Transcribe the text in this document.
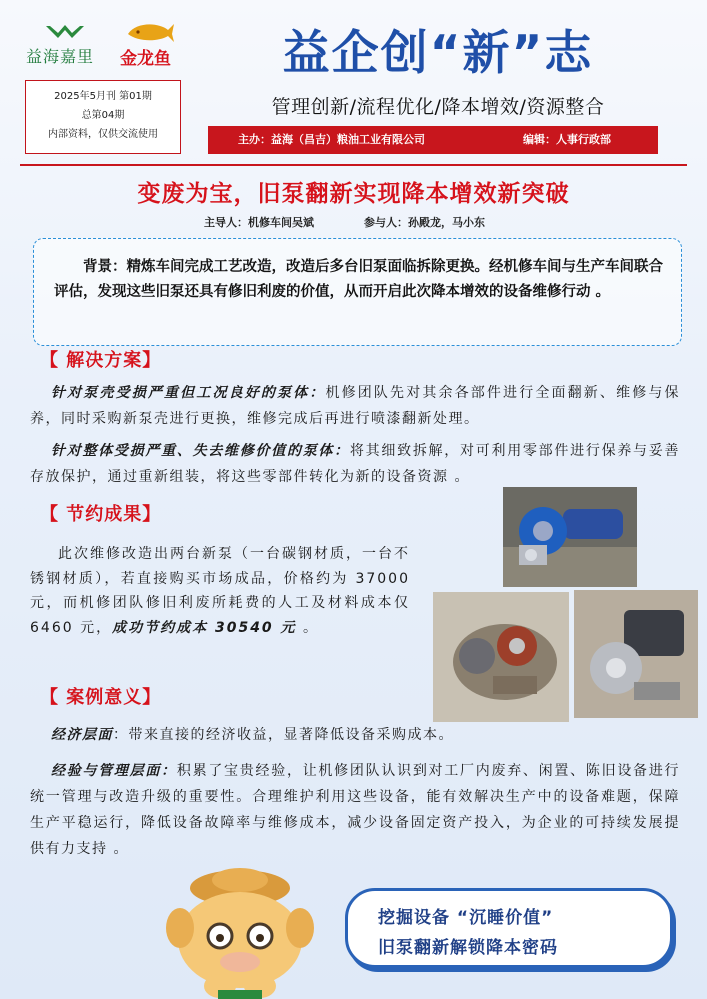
益海嘉里 金龙鱼
2025年5月刊 第01期
总第04期
内部资料，仅供交流使用
益企创“新”志
管理创新/流程优化/降本增效/资源整合
主办：益海（昌吉）粮油工业有限公司	编辑：人事行政部
变废为宝，旧泵翻新实现降本增效新突破
主导人：机修车间吴斌	参与人：孙殿龙，马小东

背景：精炼车间完成工艺改造，改造后多台旧泵面临拆除更换。经机修车间与生产车间联合评估，发现这些旧泵还具有修旧利废的价值，从而开启此次降本增效的设备维修行动 。

【 解决方案】
针对泵壳受损严重但工况良好的泵体：机修团队先对其余各部件进行全面翻新、维修与保养，同时采购新泵壳进行更换，维修完成后再进行喷漆翻新处理。
针对整体受损严重、失去维修价值的泵体：将其细致拆解，对可利用零部件进行保养与妥善存放保护，通过重新组装，将这些零部件转化为新的设备资源 。
【 节约成果】
此次维修改造出两台新泵（一台碳钢材质，一台不锈钢材质），若直接购买市场成品，价格约为 37000 元，而机修团队修旧利废所耗费的人工及材料成本仅 6460 元，成功节约成本 30540 元 。
【 案例意义】
经济层面：带来直接的经济收益，显著降低设备采购成本。
经验与管理层面：积累了宝贵经验，让机修团队认识到对工厂内废弃、闲置、陈旧设备进行统一管理与改造升级的重要性。合理维护利用这些设备，能有效解决生产中的设备难题，保障生产平稳运行，降低设备故障率与维修成本，减少设备固定资产投入，为企业的可持续发展提供有力支持 。
挖掘设备 “沉睡价值”
旧泵翻新解锁降本密码
